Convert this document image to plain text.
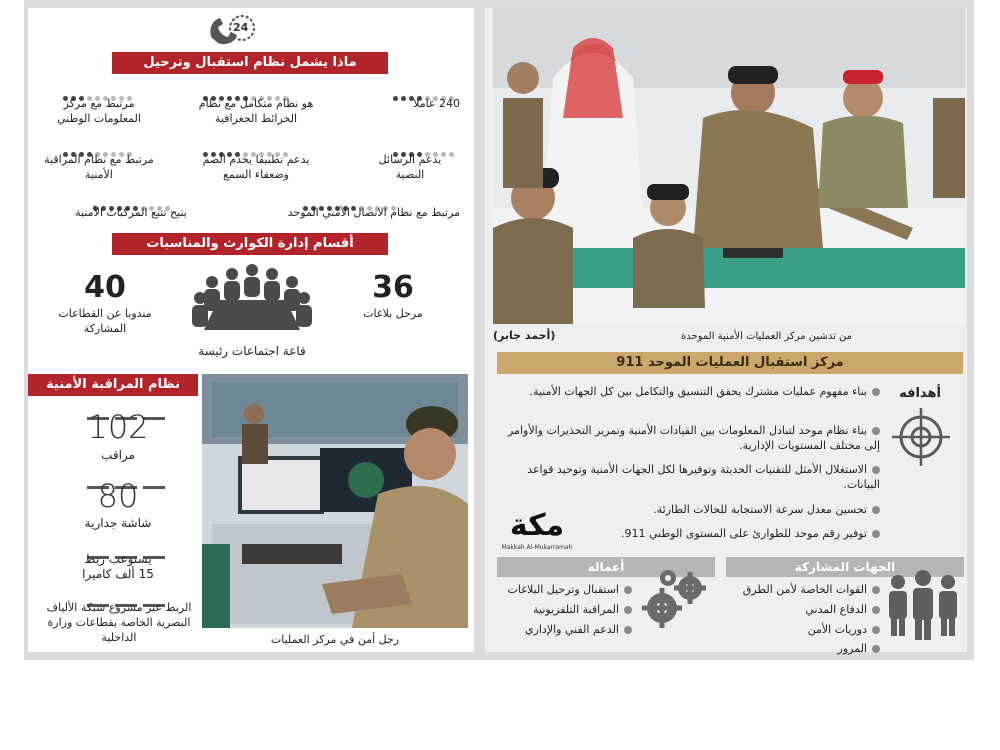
24
ماذا يشمل نظام استقبال وترحيل البلاغات؟
240 عاملا
هو نظام متكامل مع نظام الخرائط الجغرافية
مرتبط مع مركز المعلومات الوطني
يدعم الرسائل النصية
يدعم تطبيقا يخدم الصم وضعفاء السمع
مرتبط مع نظام المراقبة الأمنية
مرتبط مع نظام الاتصال الأمني الموحد
يتيح تتبع المركبات الأمنية
أقسام إدارة الكوارث والمناسبات
36
مرحل بلاغات
40
مندوبا عن القطاعات المشاركة
قاعة اجتماعات رئيسة
نظام المراقبة الأمنية
102
مراقب
80
شاشة جدارية
يستوعب ربط 15 ألف كاميرا
الربط عبر مشروع شبكة الألياف البصرية الخاصة بقطاعات وزارة الداخلية	رجل أمن في مركز العمليات
من تدشين مركز العمليات الأمنية الموحدة
(أحمد جابر)
مركز استقبال العمليات الموحد 911
أهدافه
بناء مفهوم عمليات مشترك يحقق التنسيق والتكامل بين كل الجهات الأمنية.
بناء نظام موحد لتبادل المعلومات بين القيادات الأمنية وتمرير التحذيرات والأوامر إلى مختلف المستويات الإدارية.
الاستغلال الأمثل للتقنيات الحديثة وتوفيرها لكل الجهات الأمنية وتوحيد قواعد البيانات.
تحسين معدل سرعة الاستجابة للحالات الطارئة.
توفير رقم موحد للطوارئ على المستوى الوطني 911.
مكة
Makkah Al-Mukarramah
أعماله
استقبال وترحيل البلاغات
المراقبة التلفزيونية
الدعم الفني والإداري
الجهات المشاركة
القوات الخاصة لأمن الطرق
الدفاع المدني
دوريات الأمن
المرور
